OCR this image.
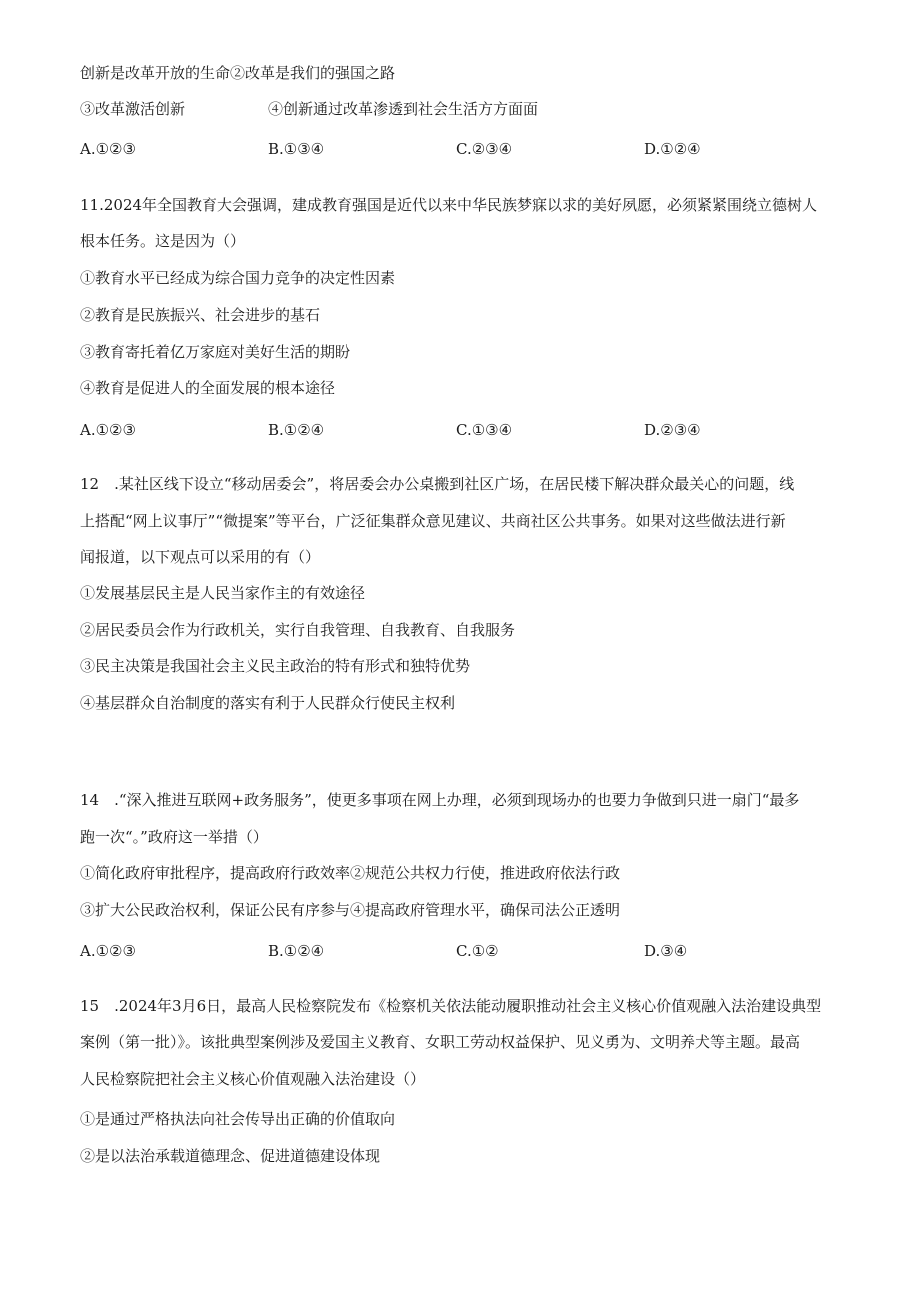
创新是改革开放的生命②改革是我们的强国之路
③改革激活创新	④创新通过改革渗透到社会生活方方面面
A.①②③	B.①③④	C.②③④	D.①②④
11.2024年全国教育大会强调，建成教育强国是近代以来中华民族梦寐以求的美好夙愿，必须紧紧围绕立德树人
根本任务。这是因为（）
①教育水平已经成为综合国力竞争的决定性因素
②教育是民族振兴、社会进步的基石
③教育寄托着亿万家庭对美好生活的期盼
④教育是促进人的全面发展的根本途径
A.①②③	B.①②④	C.①③④	D.②③④
12　.某社区线下设立“移动居委会”，将居委会办公桌搬到社区广场，在居民楼下解决群众最关心的问题，线
上搭配“网上议事厅”“微提案”等平台，广泛征集群众意见建议、共商社区公共事务。如果对这些做法进行新
闻报道，以下观点可以采用的有（）
①发展基层民主是人民当家作主的有效途径
②居民委员会作为行政机关，实行自我管理、自我教育、自我服务
③民主决策是我国社会主义民主政治的特有形式和独特优势
④基层群众自治制度的落实有利于人民群众行使民主权利
14　.“深入推进互联网+政务服务”，使更多事项在网上办理，必须到现场办的也要力争做到只进一扇门“最多
跑一次“。”政府这一举措（）
①简化政府审批程序，提高政府行政效率②规范公共权力行使，推进政府依法行政
③扩大公民政治权利，保证公民有序参与④提高政府管理水平，确保司法公正透明
A.①②③	B.①②④	C.①②	D.③④
15　.2024年3月6日，最高人民检察院发布《检察机关依法能动履职推动社会主义核心价值观融入法治建设典型
案例（第一批）》。该批典型案例涉及爱国主义教育、女职工劳动权益保护、见义勇为、文明养犬等主题。最高
人民检察院把社会主义核心价值观融入法治建设（）
①是通过严格执法向社会传导出正确的价值取向
②是以法治承载道德理念、促进道德建设体现
